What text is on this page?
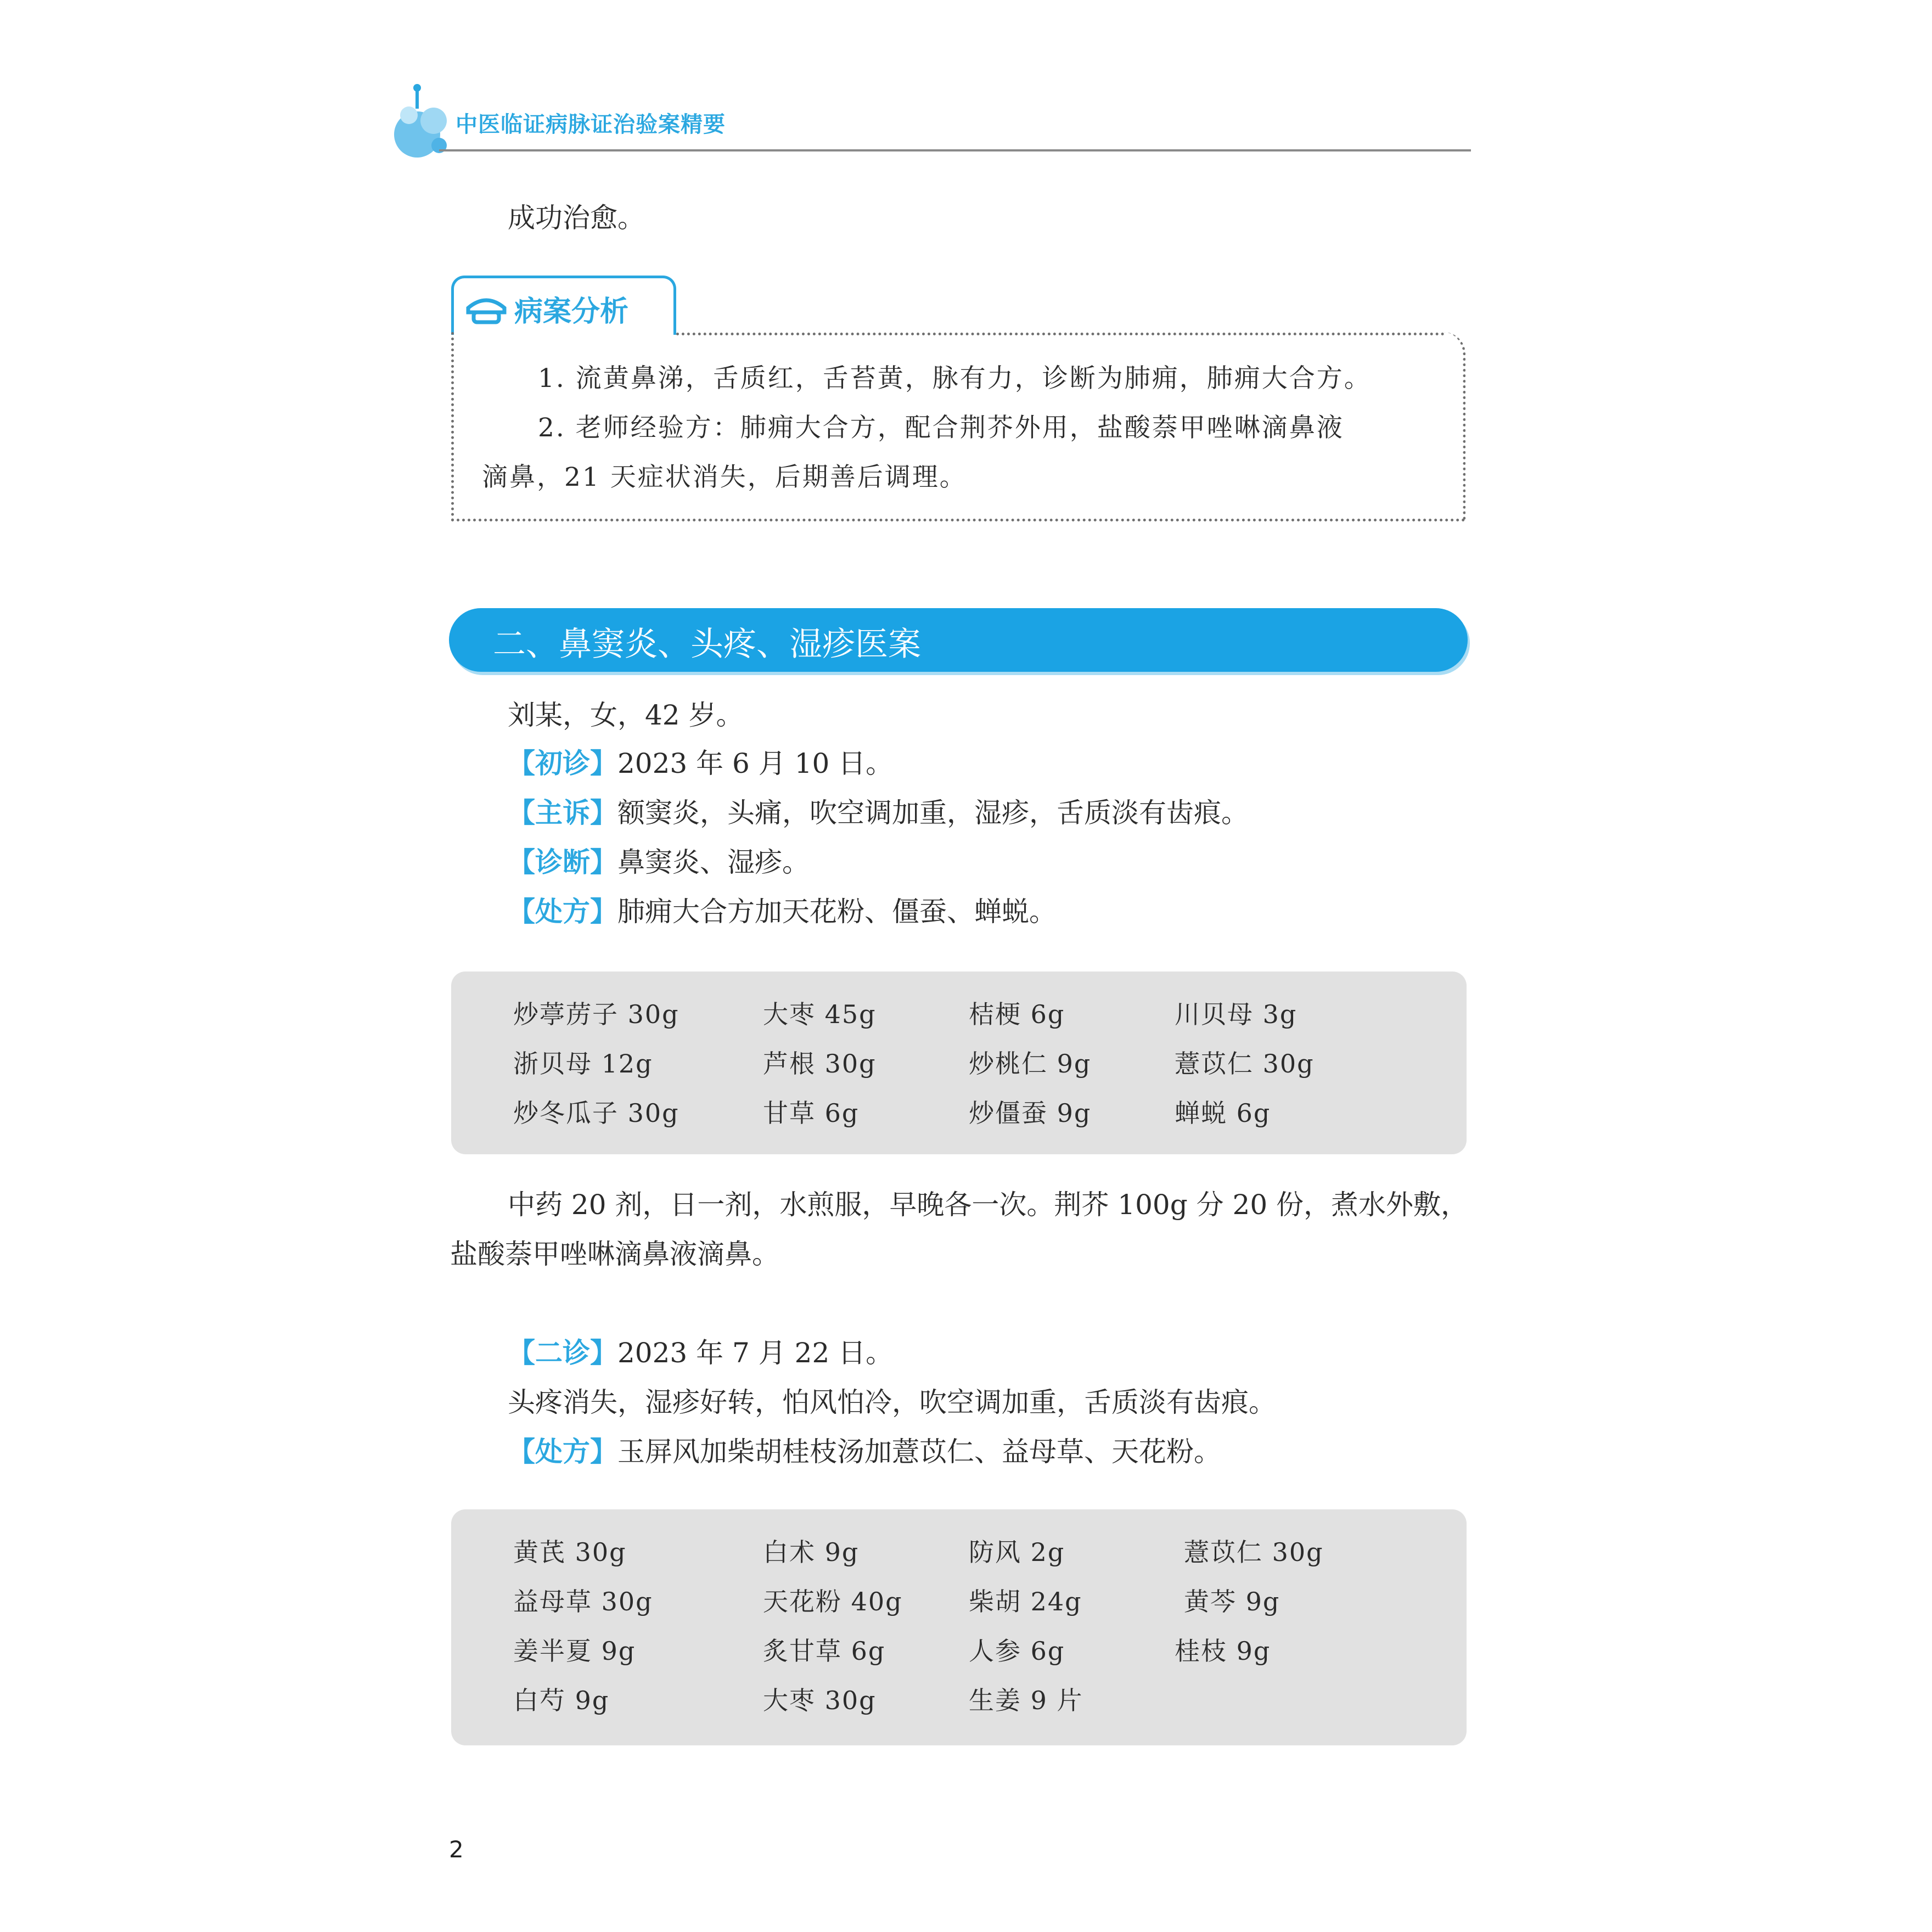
中医临证病脉证治验案精要
成功治愈。
病案分析
1. 流黄鼻涕，舌质红，舌苔黄，脉有力，诊断为肺痈，肺痈大合方。
2. 老师经验方：肺痈大合方，配合荆芥外用，盐酸萘甲唑啉滴鼻液
滴鼻，21 天症状消失，后期善后调理。
二、鼻窦炎、头疼、湿疹医案
刘某，女，42 岁。
【初诊】2023 年 6 月 10 日。
【主诉】额窦炎，头痛，吹空调加重，湿疹，舌质淡有齿痕。
【诊断】鼻窦炎、湿疹。
【处方】肺痈大合方加天花粉、僵蚕、蝉蜕。
炒葶苈子 30g	大枣 45g	桔梗 6g	川贝母 3g
浙贝母 12g	芦根 30g	炒桃仁 9g	薏苡仁 30g
炒冬瓜子 30g	甘草 6g	炒僵蚕 9g	蝉蜕 6g
中药 20 剂，日一剂，水煎服，早晚各一次。荆芥 100g 分 20 份，煮水外敷，
盐酸萘甲唑啉滴鼻液滴鼻。
【二诊】2023 年 7 月 22 日。
头疼消失，湿疹好转，怕风怕冷，吹空调加重，舌质淡有齿痕。
【处方】玉屏风加柴胡桂枝汤加薏苡仁、益母草、天花粉。
黄芪 30g	白术 9g	防风 2g	薏苡仁 30g
益母草 30g	天花粉 40g	柴胡 24g	黄芩 9g
姜半夏 9g	炙甘草 6g	人参 6g	桂枝 9g
白芍 9g	大枣 30g	生姜 9 片
2
